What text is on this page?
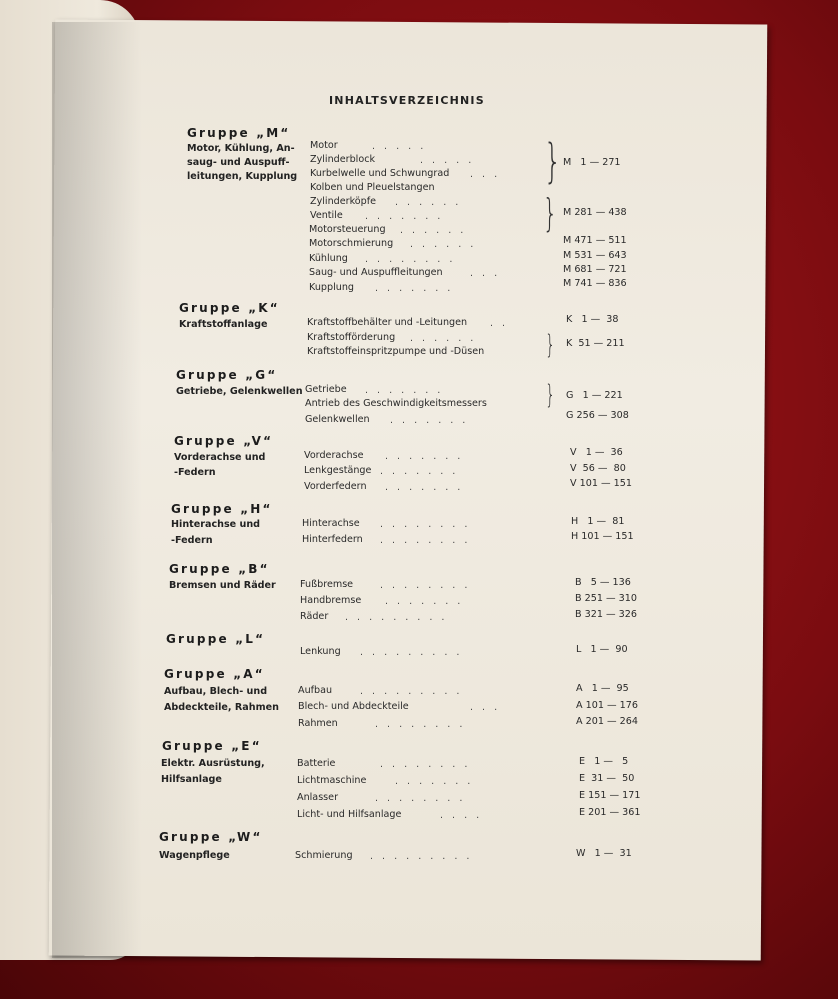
INHALTSVERZEICHNIS
Gruppe „M“
Gruppe „K“
Gruppe „G“
Gruppe „V“
Gruppe „H“
Gruppe „B“
Gruppe „L“
Gruppe „A“
Gruppe „E“
Gruppe „W“
Motor, Kühlung, An-
saug- und Auspuff-
leitungen, Kupplung
Kraftstoffanlage
Getriebe, Gelenkwellen
Vorderachse und
-Federn
Hinterachse und
-Federn
Bremsen und Räder
Aufbau, Blech- und
Abdeckteile, Rahmen
Elektr. Ausrüstung,
Hilfsanlage
Wagenpflege
Motor
Zylinderblock
Kurbelwelle und Schwungrad
Kolben und Pleuelstangen
Zylinderköpfe
Ventile
Motorsteuerung
Motorschmierung
Kühlung
Saug- und Auspuffleitungen
Kupplung
Kraftstoffbehälter und -Leitungen
Kraftstofförderung
Kraftstoffeinspritzpumpe und -Düsen
Getriebe
Antrieb des Geschwindigkeitsmessers
Gelenkwellen
Vorderachse
Lenkgestänge
Vorderfedern
Hinterachse
Hinterfedern
Fußbremse
Handbremse
Räder
Lenkung
Aufbau
Blech- und Abdeckteile
Rahmen
Batterie
Lichtmaschine
Anlasser
Licht- und Hilfsanlage
Schmierung
.....
.....
...
......
.......
......
......
........
...
.......
..
......
.......
.......
.......
.......
.......
........
........
........
.......
.........
.........
.........
...
........
........
.......
........
....
.........
}
}
}
}
M   1 — 271
M 281 — 438
M 471 — 511
M 531 — 643
M 681 — 721
M 741 — 836
K   1 —  38
K  51 — 211
G   1 — 221
G 256 — 308
V   1 —  36
V  56 —  80
V 101 — 151
H   1 —  81
H 101 — 151
B   5 — 136
B 251 — 310
B 321 — 326
L   1 —  90
A   1 —  95
A 101 — 176
A 201 — 264
E   1 —   5
E  31 —  50
E 151 — 171
E 201 — 361
W   1 —  31
